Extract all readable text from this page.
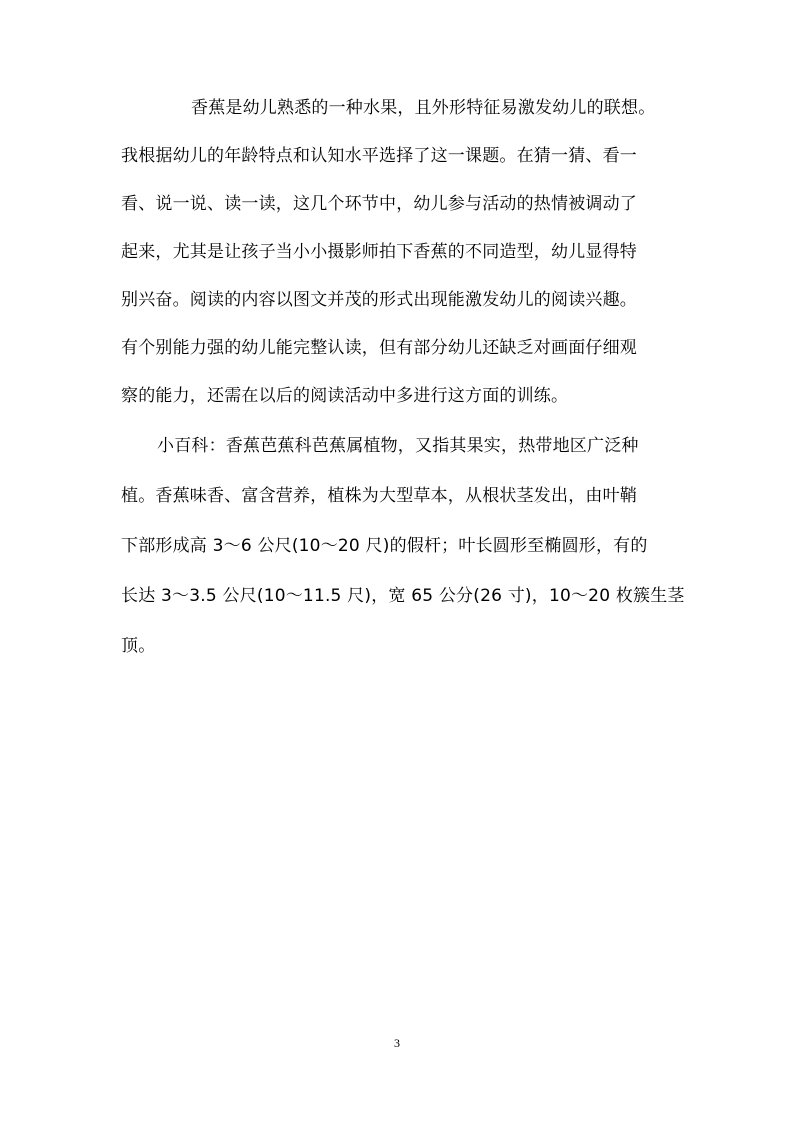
香蕉是幼儿熟悉的一种水果，且外形特征易激发幼儿的联想。
我根据幼儿的年龄特点和认知水平选择了这一课题。在猜一猜、看一
看、说一说、读一读，这几个环节中，幼儿参与活动的热情被调动了
起来，尤其是让孩子当小小摄影师拍下香蕉的不同造型，幼儿显得特
别兴奋。阅读的内容以图文并茂的形式出现能激发幼儿的阅读兴趣。
有个别能力强的幼儿能完整认读，但有部分幼儿还缺乏对画面仔细观
察的能力，还需在以后的阅读活动中多进行这方面的训练。
小百科：香蕉芭蕉科芭蕉属植物，又指其果实，热带地区广泛种
植。香蕉味香、富含营养，植株为大型草本，从根状茎发出，由叶鞘
下部形成高 3～6 公尺(10～20 尺)的假杆；叶长圆形至椭圆形，有的
长达 3～3.5 公尺(10～11.5 尺)，宽 65 公分(26 寸)，10～20 枚簇生茎
顶。
3
